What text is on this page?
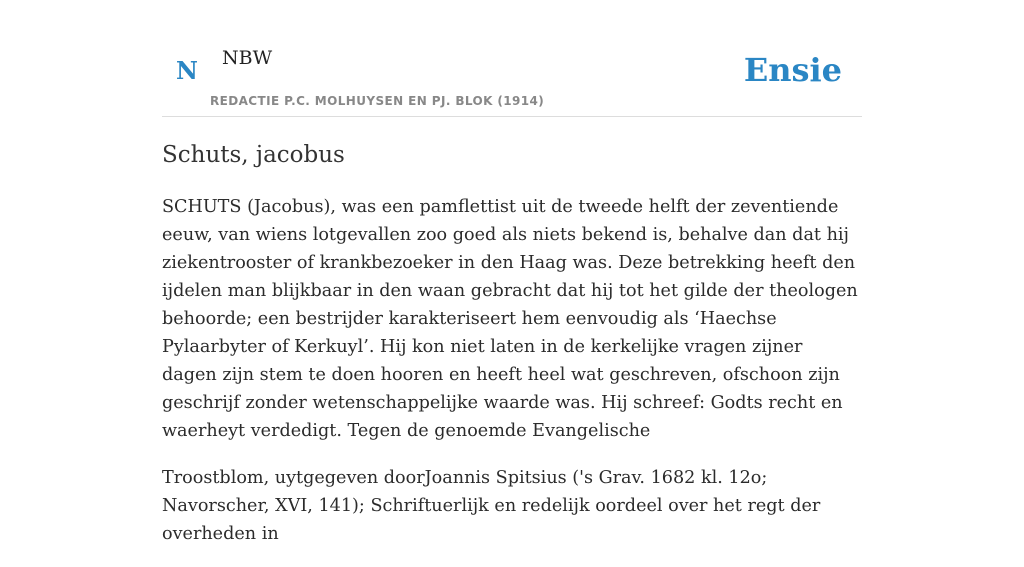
N NBW
REDACTIE P.C. MOLHUYSEN EN PJ. BLOK (1914)
Ensie
Schuts, jacobus

SCHUTS (Jacobus), was een pamflettist uit de tweede helft der zeventiende eeuw, van wiens lotgevallen zoo goed als niets bekend is, behalve dan dat hij ziekentrooster of krankbezoeker in den Haag was. Deze betrekking heeft den ijdelen man blijkbaar in den waan gebracht dat hij tot het gilde der theologen behoorde; een bestrijder karakteriseert hem eenvoudig als ‘Haechse Pylaarbyter of Kerkuyl’. Hij kon niet laten in de kerkelijke vragen zijner dagen zijn stem te doen hooren en heeft heel wat geschreven, ofschoon zijn geschrijf zonder wetenschappelijke waarde was. Hij schreef: Godts recht en waerheyt verdedigt. Tegen de genoemde Evangelische

Troostblom, uytgegeven doorJoannis Spitsius ('s Grav. 1682 kl. 12o; Navorscher, XVI, 141); Schriftuerlijk en redelijk oordeel over het regt der overheden in
